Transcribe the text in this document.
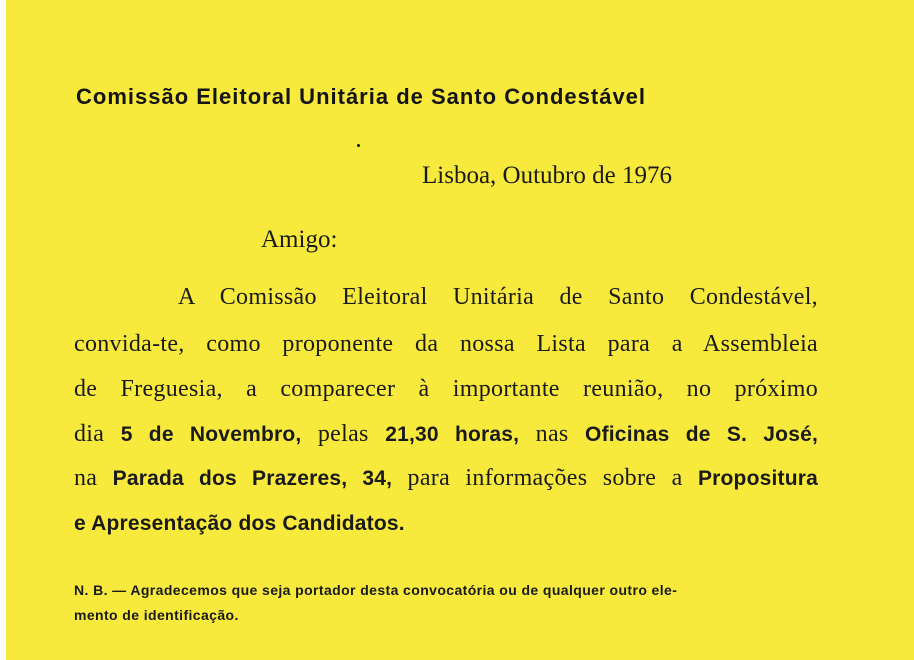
Comissão Eleitoral Unitária de Santo Condestável
Lisboa, Outubro de 1976
Amigo:
A Comissão Eleitoral Unitária de Santo Condestável,
convida-te, como proponente da nossa Lista para a Assembleia
de Freguesia, a comparecer à importante reunião, no próximo
dia 5 de Novembro, pelas 21,30 horas, nas Oficinas de S. José,
na Parada dos Prazeres, 34, para informações sobre a Propositura
e Apresentação dos Candidatos.
N. B. — Agradecemos que seja portador desta convocatória ou de qualquer outro ele-
mento de identificação.
